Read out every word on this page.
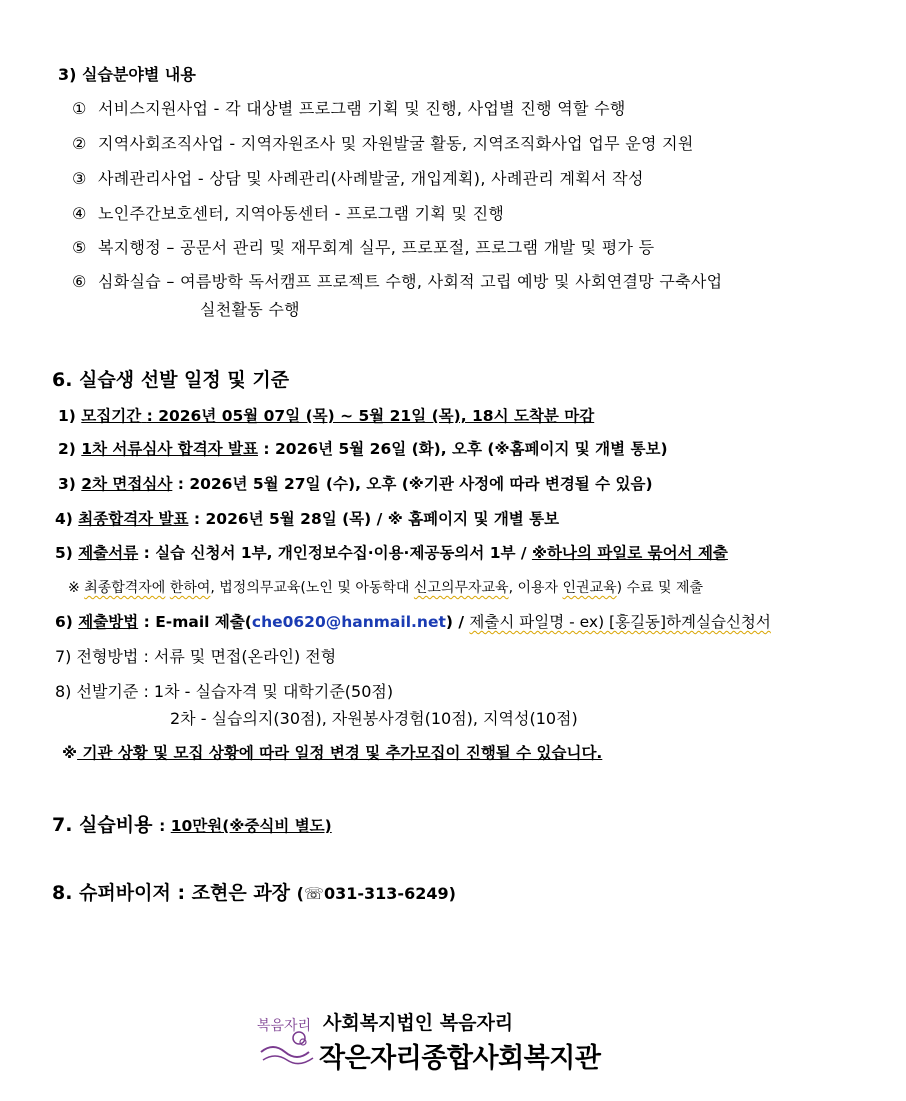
3) 실습분야별 내용
① 서비스지원사업 - 각 대상별 프로그램 기획 및 진행, 사업별 진행 역할 수행
② 지역사회조직사업 - 지역자원조사 및 자원발굴 활동, 지역조직화사업 업무 운영 지원
③ 사례관리사업 - 상담 및 사례관리(사례발굴, 개입계획), 사례관리 계획서 작성
④ 노인주간보호센터, 지역아동센터 - 프로그램 기획 및 진행
⑤ 복지행정 – 공문서 관리 및 재무회계 실무, 프로포절, 프로그램 개발 및 평가 등
⑥ 심화실습 – 여름방학 독서캠프 프로젝트 수행, 사회적 고립 예방 및 사회연결망 구축사업
실천활동 수행
6. 실습생 선발 일정 및 기준
1) 모집기간 : 2026년 05월 07일 (목) ~ 5월 21일 (목), 18시 도착분 마감
2) 1차 서류심사 합격자 발표 : 2026년 5월 26일 (화), 오후 (※홈페이지 및 개별 통보)
3) 2차 면접심사 : 2026년 5월 27일 (수), 오후 (※기관 사정에 따라 변경될 수 있음)
4) 최종합격자 발표 : 2026년 5월 28일 (목) / ※ 홈페이지 및 개별 통보
5) 제출서류 : 실습 신청서 1부, 개인정보수집·이용·제공동의서 1부 / ※하나의 파일로 묶어서 제출
※ 최종합격자에 한하여, 법정의무교육(노인 및 아동학대 신고의무자교육, 이용자 인권교육) 수료 및 제출
6) 제출방법 : E-mail 제출(che0620@hanmail.net) / 제출시 파일명 - ex) [홍길동]하계실습신청서
7) 전형방법 : 서류 및 면접(온라인) 전형
8) 선발기준 : 1차 - 실습자격 및 대학기준(50점)
2차 - 실습의지(30점), 자원봉사경험(10점), 지역성(10점)
※ 기관 상황 및 모집 상황에 따라 일정 변경 및 추가모집이 진행될 수 있습니다.
7. 실습비용 : 10만원(※중식비 별도)
8. 슈퍼바이저 : 조현은 과장 (☏031-313-6249)
복음자리 사회복지법인 복음자리
작은자리종합사회복지관
